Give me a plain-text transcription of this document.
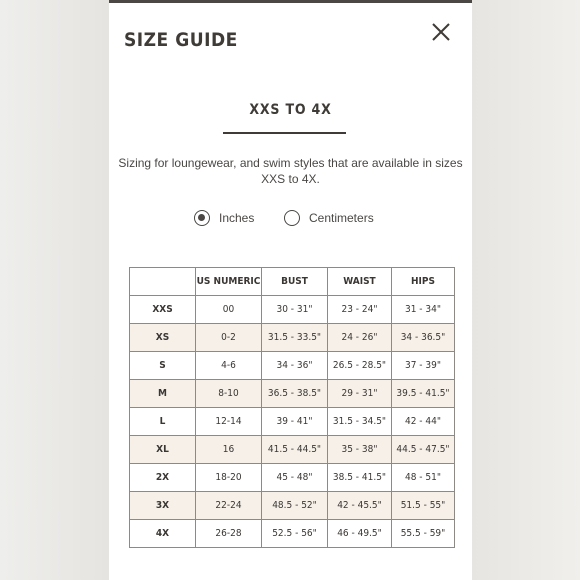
SIZE GUIDE
XXS TO 4X
Sizing for loungewear, and swim styles that are available in sizes XXS to 4X.
Inches	Centimeters
	US NUMERIC	BUST	WAIST	HIPS
XXS	00	30 - 31"	23 - 24"	31 - 34"
XS	0-2	31.5 - 33.5"	24 - 26"	34 - 36.5"
S	4-6	34 - 36"	26.5 - 28.5"	37 - 39"
M	8-10	36.5 - 38.5"	29 - 31"	39.5 - 41.5"
L	12-14	39 - 41"	31.5 - 34.5"	42 - 44"
XL	16	41.5 - 44.5"	35 - 38"	44.5 - 47.5"
2X	18-20	45 - 48"	38.5 - 41.5"	48 - 51"
3X	22-24	48.5 - 52"	42 - 45.5"	51.5 - 55"
4X	26-28	52.5 - 56"	46 - 49.5"	55.5 - 59"
